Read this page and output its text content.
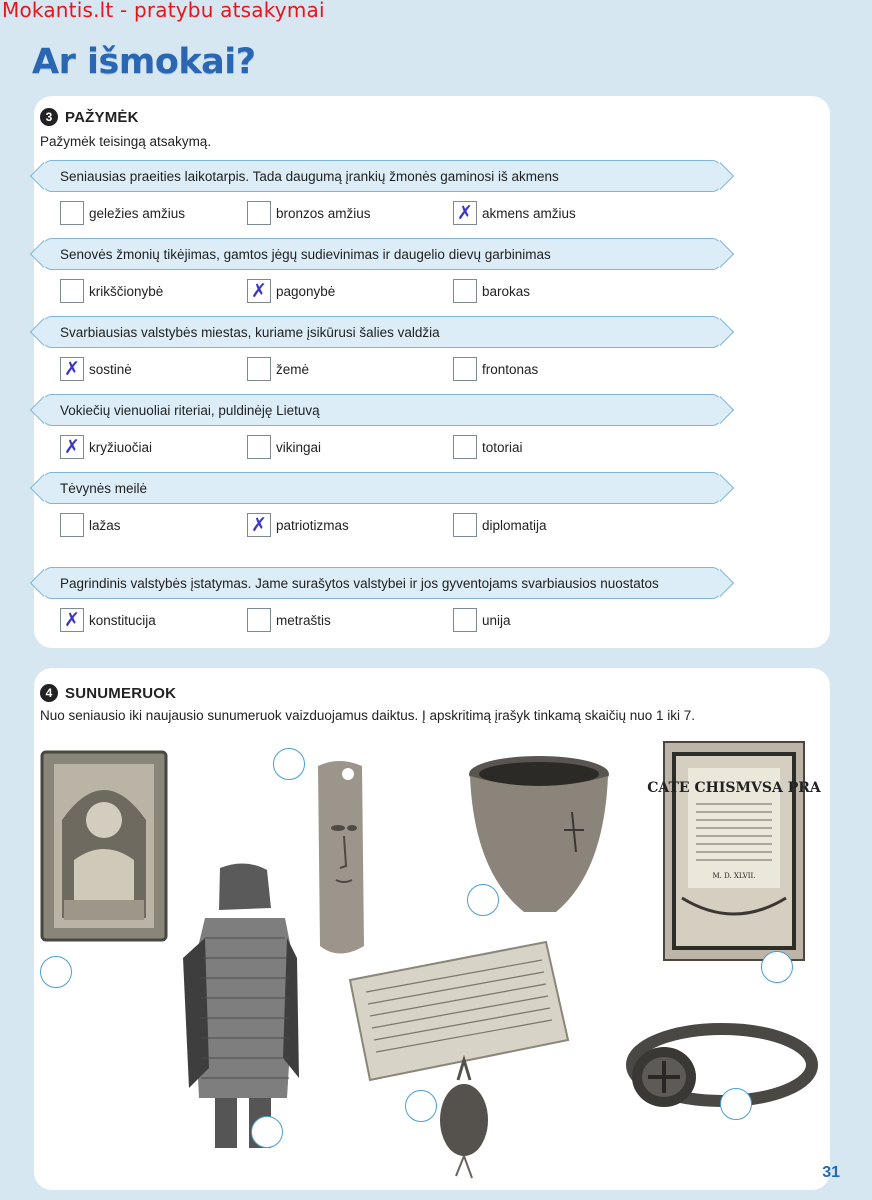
Mokantis.lt - pratybu atsakymai
Ar išmokai?
3 PAŽYMĖK
Pažymėk teisingą atsakymą.
Seniausias praeities laikotarpis. Tada daugumą įrankių žmonės gaminosi iš akmens
geležies amžius	bronzos amžius	✗ akmens amžius
Senovės žmonių tikėjimas, gamtos jėgų sudievinimas ir daugelio dievų garbinimas
krikščionybė	✗ pagonybė	barokas
Svarbiausias valstybės miestas, kuriame įsikūrusi šalies valdžia
✗ sostinė	žemė	frontonas
Vokiečių vienuoliai riteriai, puldinėję Lietuvą
✗ kryžiuočiai	vikingai	totoriai
Tėvynės meilė
lažas	✗ patriotizmas	diplomatija
Pagrindinis valstybės įstatymas. Jame surašytos valstybei ir jos gyventojams svarbiausios nuostatos
✗ konstitucija	metraštis	unija
4 SUNUMERUOK
Nuo seniausio iki naujausio sunumeruok vaizduojamus daiktus. Į apskritimą įrašyk tinkamą skaičių nuo 1 iki 7.
CATE CHISMVSA PRA
M. D. XLVII.
31
